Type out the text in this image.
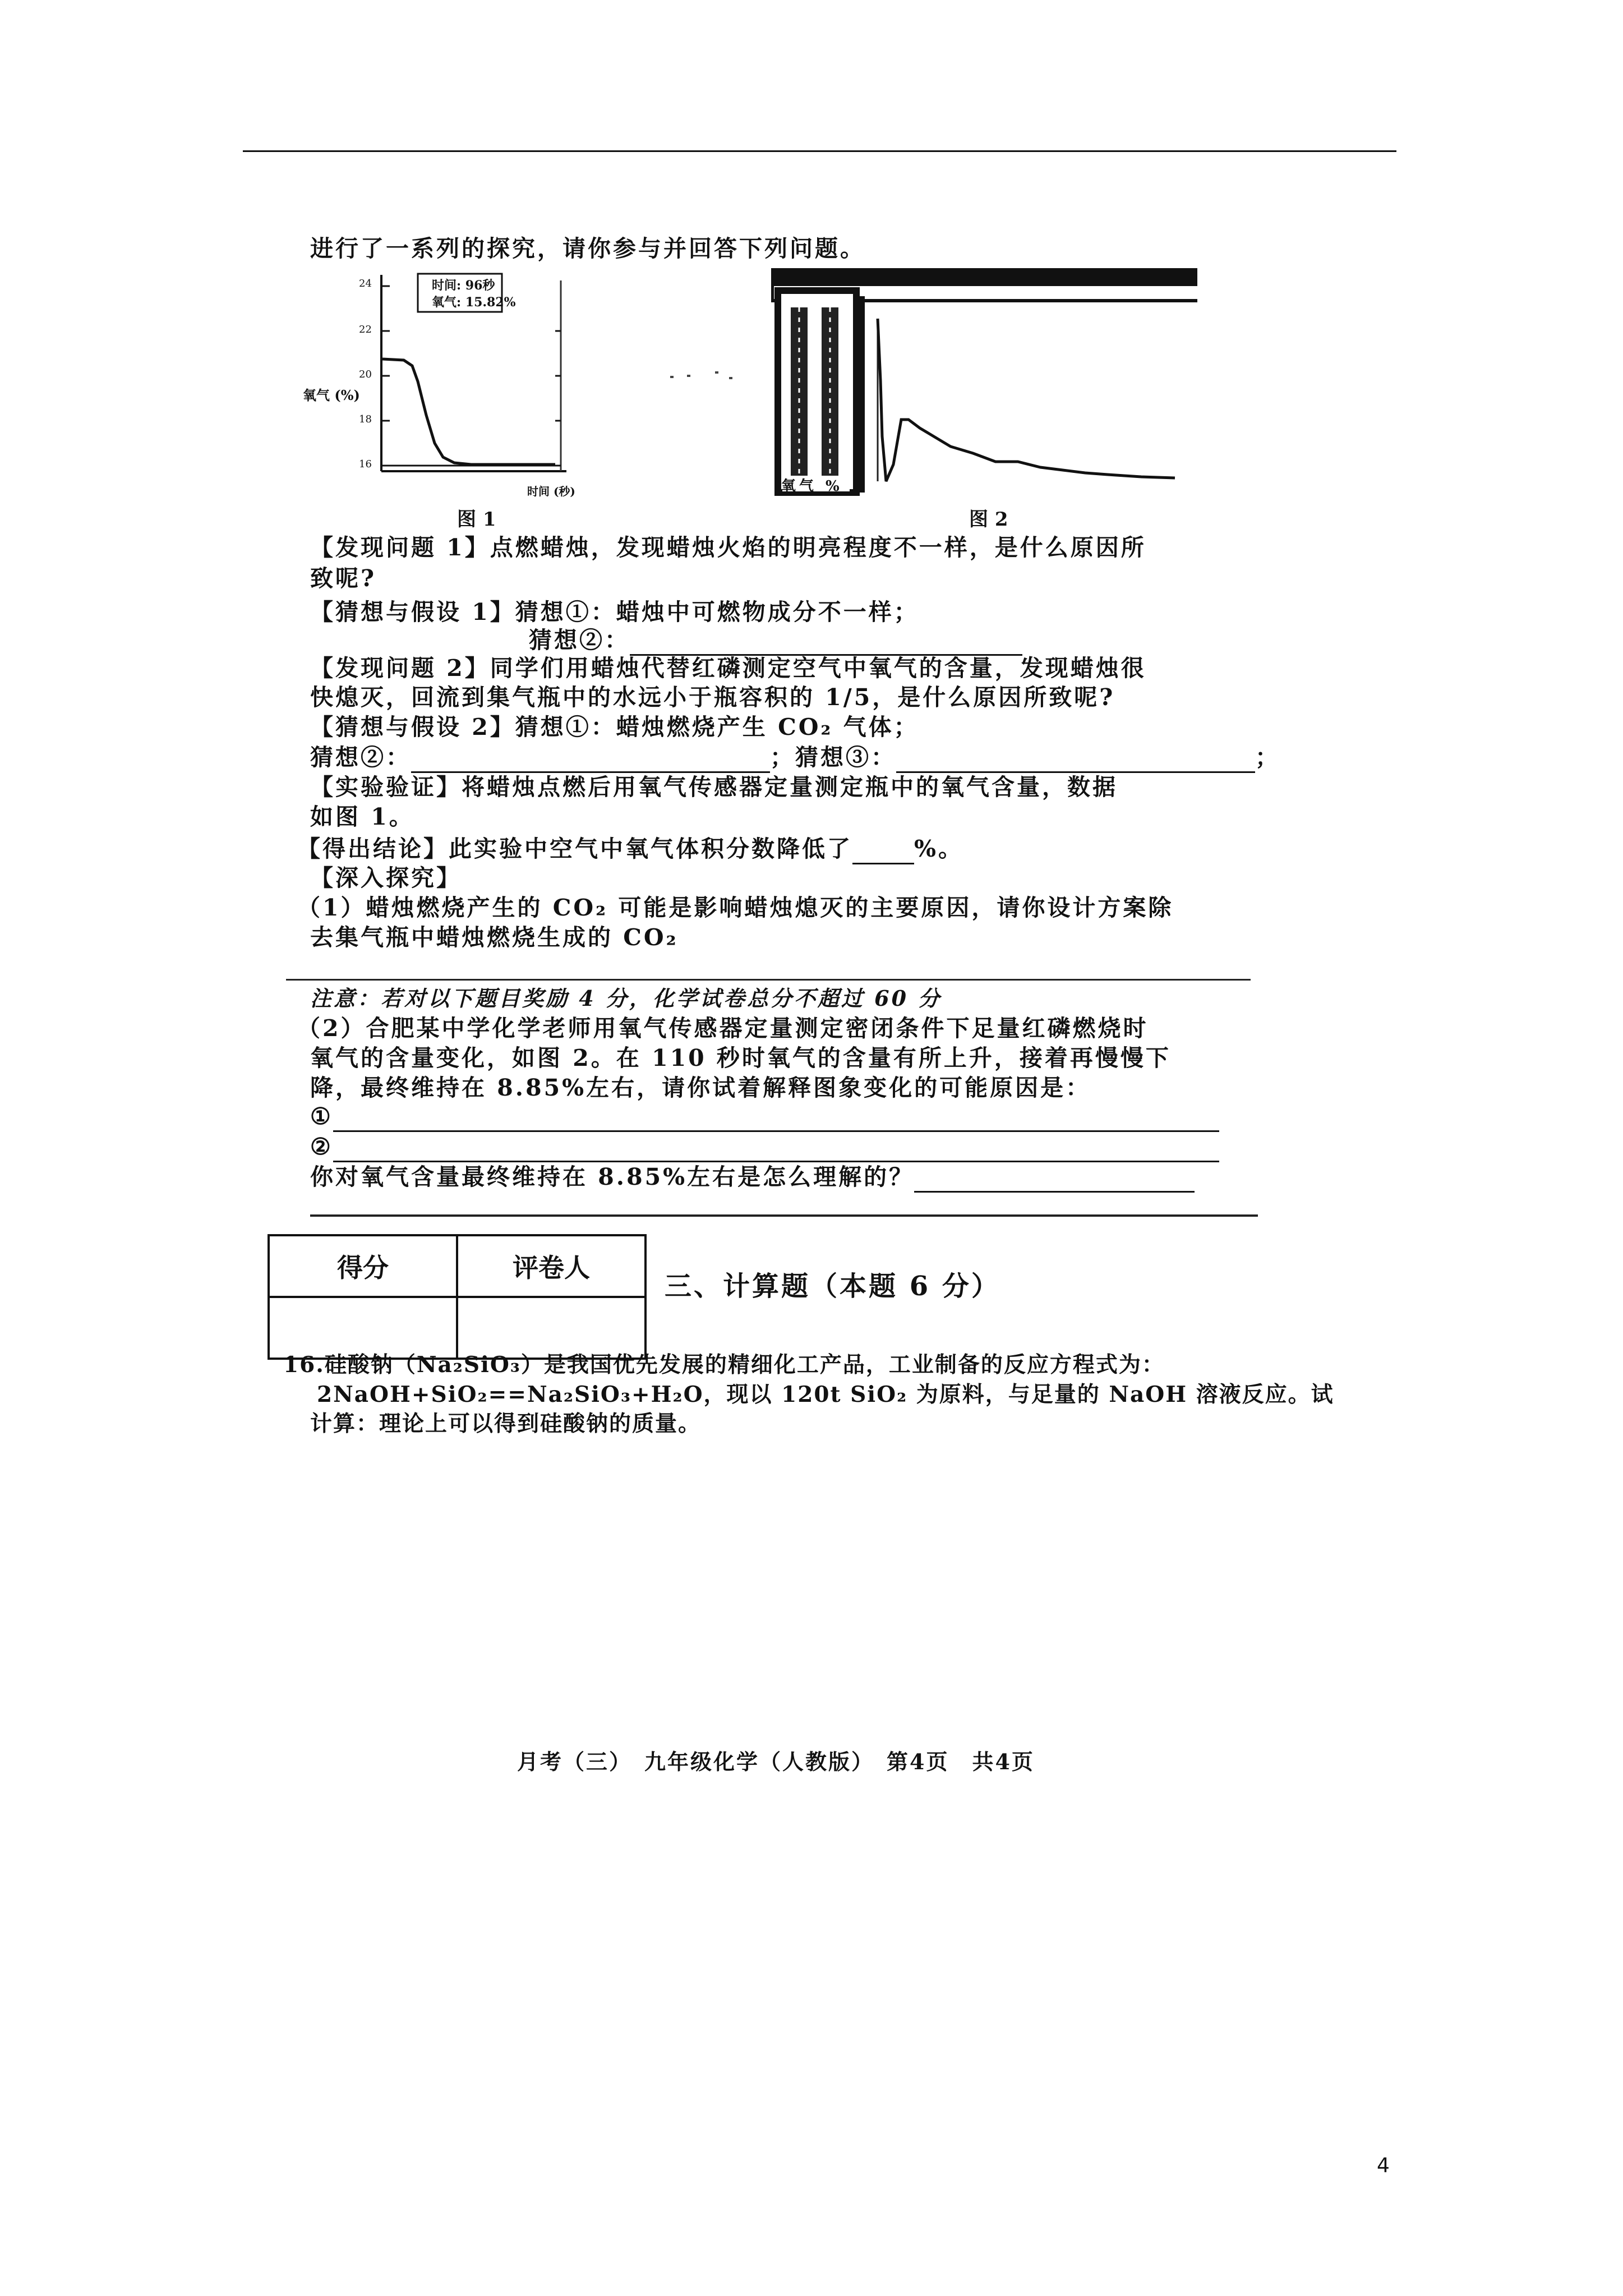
进行了一系列的探究，请你参与并回答下列问题。
时间: 96秒
氧气: 15.82%
氧气 (%)
24
22
20
18
16
时间 (秒)
图 1
氧气 %
图 2
【发现问题 1】点燃蜡烛，发现蜡烛火焰的明亮程度不一样，是什么原因所
致呢?
【猜想与假设 1】猜想①：蜡烛中可燃物成分不一样；
猜想②：
【发现问题 2】同学们用蜡烛代替红磷测定空气中氧气的含量，发现蜡烛很
快熄灭，回流到集气瓶中的水远小于瓶容积的 1/5，是什么原因所致呢?
【猜想与假设 2】猜想①：蜡烛燃烧产生 CO₂ 气体；
猜想②：	；猜想③：	；
【实验验证】将蜡烛点燃后用氧气传感器定量测定瓶中的氧气含量，数据
如图 1。
【得出结论】此实验中空气中氧气体积分数降低了	%。
【深入探究】
（1）蜡烛燃烧产生的 CO₂ 可能是影响蜡烛熄灭的主要原因，请你设计方案除
去集气瓶中蜡烛燃烧生成的 CO₂
注意：若对以下题目奖励 4 分，化学试卷总分不超过 60 分
（2）合肥某中学化学老师用氧气传感器定量测定密闭条件下足量红磷燃烧时
氧气的含量变化，如图 2。在 110 秒时氧气的含量有所上升，接着再慢慢下
降，最终维持在 8.85%左右，请你试着解释图象变化的可能原因是：
①
②
你对氧气含量最终维持在 8.85%左右是怎么理解的？
得分	评卷人

三、计算题（本题 6 分）
16.硅酸钠（Na₂SiO₃）是我国优先发展的精细化工产品，工业制备的反应方程式为：
2NaOH+SiO₂==Na₂SiO₃+H₂O，现以 120t SiO₂ 为原料，与足量的 NaOH 溶液反应。试
计算：理论上可以得到硅酸钠的质量。
月考（三）　九年级化学（人教版）　第4页　共4页
4
